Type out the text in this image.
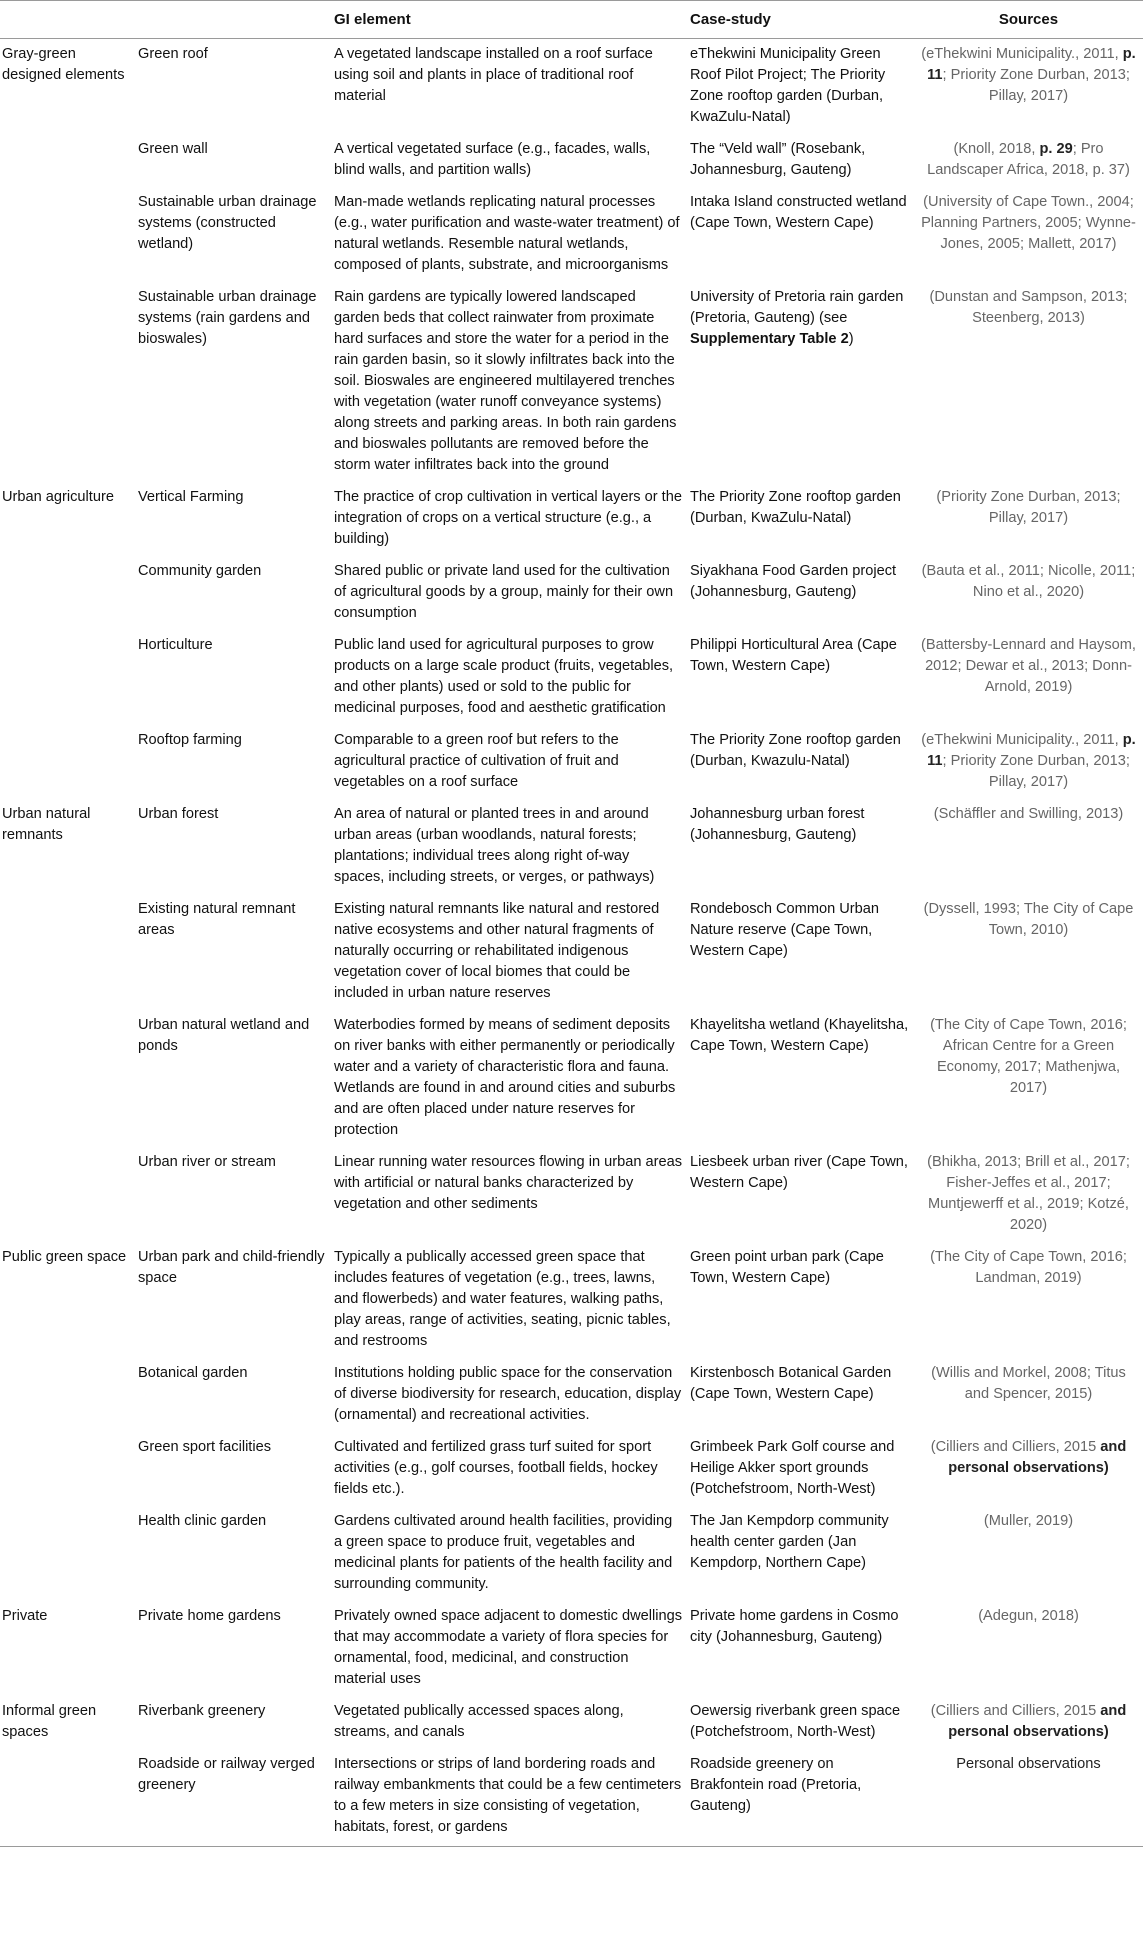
		GI element	Case-study	Sources
Gray-green designed elements	Green roof	A vegetated landscape installed on a roof surface using soil and plants in place of traditional roof material	eThekwini Municipality Green Roof Pilot Project; The Priority Zone rooftop garden (Durban, KwaZulu-Natal)	(eThekwini Municipality., 2011, p. 11; Priority Zone Durban, 2013; Pillay, 2017)
	Green wall	A vertical vegetated surface (e.g., facades, walls, blind walls, and partition walls)	The “Veld wall” (Rosebank, Johannesburg, Gauteng)	(Knoll, 2018, p. 29; Pro Landscaper Africa, 2018, p. 37)
	Sustainable urban drainage systems (constructed wetland)	Man-made wetlands replicating natural processes (e.g., water purification and waste-water treatment) of natural wetlands. Resemble natural wetlands, composed of plants, substrate, and microorganisms	Intaka Island constructed wetland (Cape Town, Western Cape)	(University of Cape Town., 2004; Planning Partners, 2005; Wynne-Jones, 2005; Mallett, 2017)
	Sustainable urban drainage systems (rain gardens and bioswales)	Rain gardens are typically lowered landscaped garden beds that collect rainwater from proximate hard surfaces and store the water for a period in the rain garden basin, so it slowly infiltrates back into the soil. Bioswales are engineered multilayered trenches with vegetation (water runoff conveyance systems) along streets and parking areas. In both rain gardens and bioswales pollutants are removed before the storm water infiltrates back into the ground	University of Pretoria rain garden (Pretoria, Gauteng) (see Supplementary Table 2)	(Dunstan and Sampson, 2013; Steenberg, 2013)
Urban agriculture	Vertical Farming	The practice of crop cultivation in vertical layers or the integration of crops on a vertical structure (e.g., a building)	The Priority Zone rooftop garden (Durban, KwaZulu-Natal)	(Priority Zone Durban, 2013; Pillay, 2017)
	Community garden	Shared public or private land used for the cultivation of agricultural goods by a group, mainly for their own consumption	Siyakhana Food Garden project (Johannesburg, Gauteng)	(Bauta et al., 2011; Nicolle, 2011; Nino et al., 2020)
	Horticulture	Public land used for agricultural purposes to grow products on a large scale product (fruits, vegetables, and other plants) used or sold to the public for medicinal purposes, food and aesthetic gratification	Philippi Horticultural Area (Cape Town, Western Cape)	(Battersby-Lennard and Haysom, 2012; Dewar et al., 2013; Donn-Arnold, 2019)
	Rooftop farming	Comparable to a green roof but refers to the agricultural practice of cultivation of fruit and vegetables on a roof surface	The Priority Zone rooftop garden (Durban, Kwazulu-Natal)	(eThekwini Municipality., 2011, p. 11; Priority Zone Durban, 2013; Pillay, 2017)
Urban natural remnants	Urban forest	An area of natural or planted trees in and around urban areas (urban woodlands, natural forests; plantations; individual trees along right of-way spaces, including streets, or verges, or pathways)	Johannesburg urban forest (Johannesburg, Gauteng)	(Schäffler and Swilling, 2013)
	Existing natural remnant areas	Existing natural remnants like natural and restored native ecosystems and other natural fragments of naturally occurring or rehabilitated indigenous vegetation cover of local biomes that could be included in urban nature reserves	Rondebosch Common Urban Nature reserve (Cape Town, Western Cape)	(Dyssell, 1993; The City of Cape Town, 2010)
	Urban natural wetland and ponds	Waterbodies formed by means of sediment deposits on river banks with either permanently or periodically water and a variety of characteristic flora and fauna. Wetlands are found in and around cities and suburbs and are often placed under nature reserves for protection	Khayelitsha wetland (Khayelitsha, Cape Town, Western Cape)	(The City of Cape Town, 2016; African Centre for a Green Economy, 2017; Mathenjwa, 2017)
	Urban river or stream	Linear running water resources flowing in urban areas with artificial or natural banks characterized by vegetation and other sediments	Liesbeek urban river (Cape Town, Western Cape)	(Bhikha, 2013; Brill et al., 2017; Fisher-Jeffes et al., 2017; Muntjewerff et al., 2019; Kotzé, 2020)
Public green space	Urban park and child-friendly space	Typically a publically accessed green space that includes features of vegetation (e.g., trees, lawns, and flowerbeds) and water features, walking paths, play areas, range of activities, seating, picnic tables, and restrooms	Green point urban park (Cape Town, Western Cape)	(The City of Cape Town, 2016; Landman, 2019)
	Botanical garden	Institutions holding public space for the conservation of diverse biodiversity for research, education, display (ornamental) and recreational activities.	Kirstenbosch Botanical Garden (Cape Town, Western Cape)	(Willis and Morkel, 2008; Titus and Spencer, 2015)
	Green sport facilities	Cultivated and fertilized grass turf suited for sport activities (e.g., golf courses, football fields, hockey fields etc.).	Grimbeek Park Golf course and Heilige Akker sport grounds (Potchefstroom, North-West)	(Cilliers and Cilliers, 2015 and personal observations)
	Health clinic garden	Gardens cultivated around health facilities, providing a green space to produce fruit, vegetables and medicinal plants for patients of the health facility and surrounding community.	The Jan Kempdorp community health center garden (Jan Kempdorp, Northern Cape)	(Muller, 2019)
Private	Private home gardens	Privately owned space adjacent to domestic dwellings that may accommodate a variety of flora species for ornamental, food, medicinal, and construction material uses	Private home gardens in Cosmo city (Johannesburg, Gauteng)	(Adegun, 2018)
Informal green spaces	Riverbank greenery	Vegetated publically accessed spaces along, streams, and canals	Oewersig riverbank green space (Potchefstroom, North-West)	(Cilliers and Cilliers, 2015 and personal observations)
	Roadside or railway verged greenery	Intersections or strips of land bordering roads and railway embankments that could be a few centimeters to a few meters in size consisting of vegetation, habitats, forest, or gardens	Roadside greenery on Brakfontein road (Pretoria, Gauteng)	Personal observations
